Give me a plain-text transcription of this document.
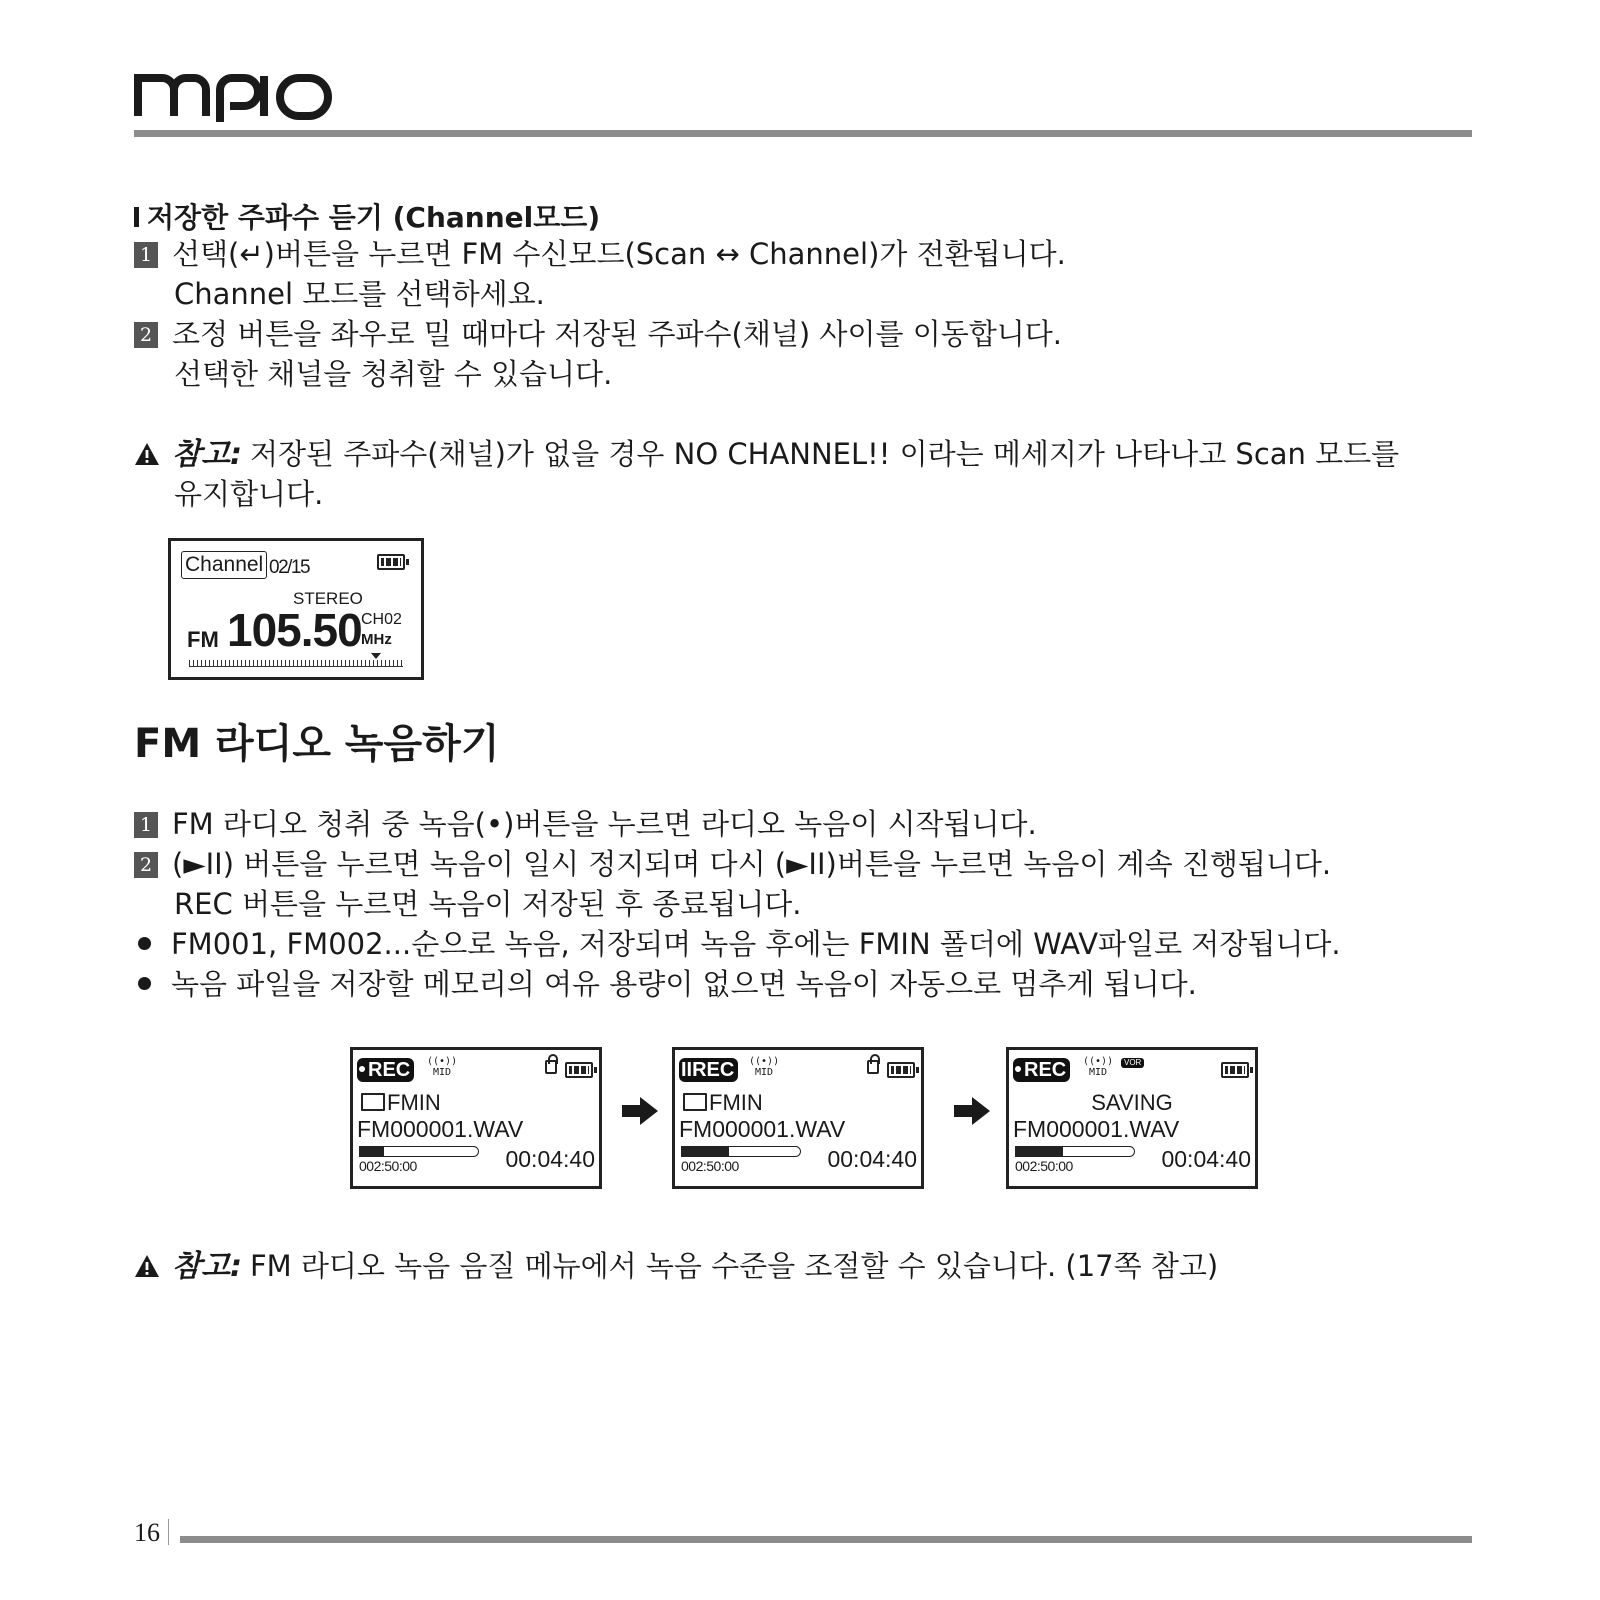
저장한 주파수 듣기 (Channel모드)
1 선택(↵)버튼을 누르면 FM 수신모드(Scan ↔ Channel)가 전환됩니다.
Channel 모드를 선택하세요.
2 조정 버튼을 좌우로 밀 때마다 저장된 주파수(채널) 사이를 이동합니다.
선택한 채널을 청취할 수 있습니다.
참고: 저장된 주파수(채널)가 없을 경우 NO CHANNEL!! 이라는 메세지가 나타나고 Scan 모드를
유지합니다.
Channel 02/15
STEREO
FM 105.50 CH02
MHz
FM 라디오 녹음하기
1 FM 라디오 청취 중 녹음(•)버튼을 누르면 라디오 녹음이 시작됩니다.
2 (►II) 버튼을 누르면 녹음이 일시 정지되며 다시 (►II)버튼을 누르면 녹음이 계속 진행됩니다.
REC 버튼을 누르면 녹음이 저장된 후 종료됩니다.
FM001, FM002...순으로 녹음, 저장되며 녹음 후에는 FMIN 폴더에 WAV파일로 저장됩니다.
녹음 파일을 저장할 메모리의 여유 용량이 없으면 녹음이 자동으로 멈추게 됩니다.
REC	((•))
MID
FMIN
FM000001.WAV
002:50:00	00:04:40
IIREC	((•))
MID
FMIN
FM000001.WAV
002:50:00	00:04:40
REC	((•))
MID
VOR
SAVING
FM000001.WAV
002:50:00	00:04:40
참고: FM 라디오 녹음 음질 메뉴에서 녹음 수준을 조절할 수 있습니다. (17쪽 참고)
16
